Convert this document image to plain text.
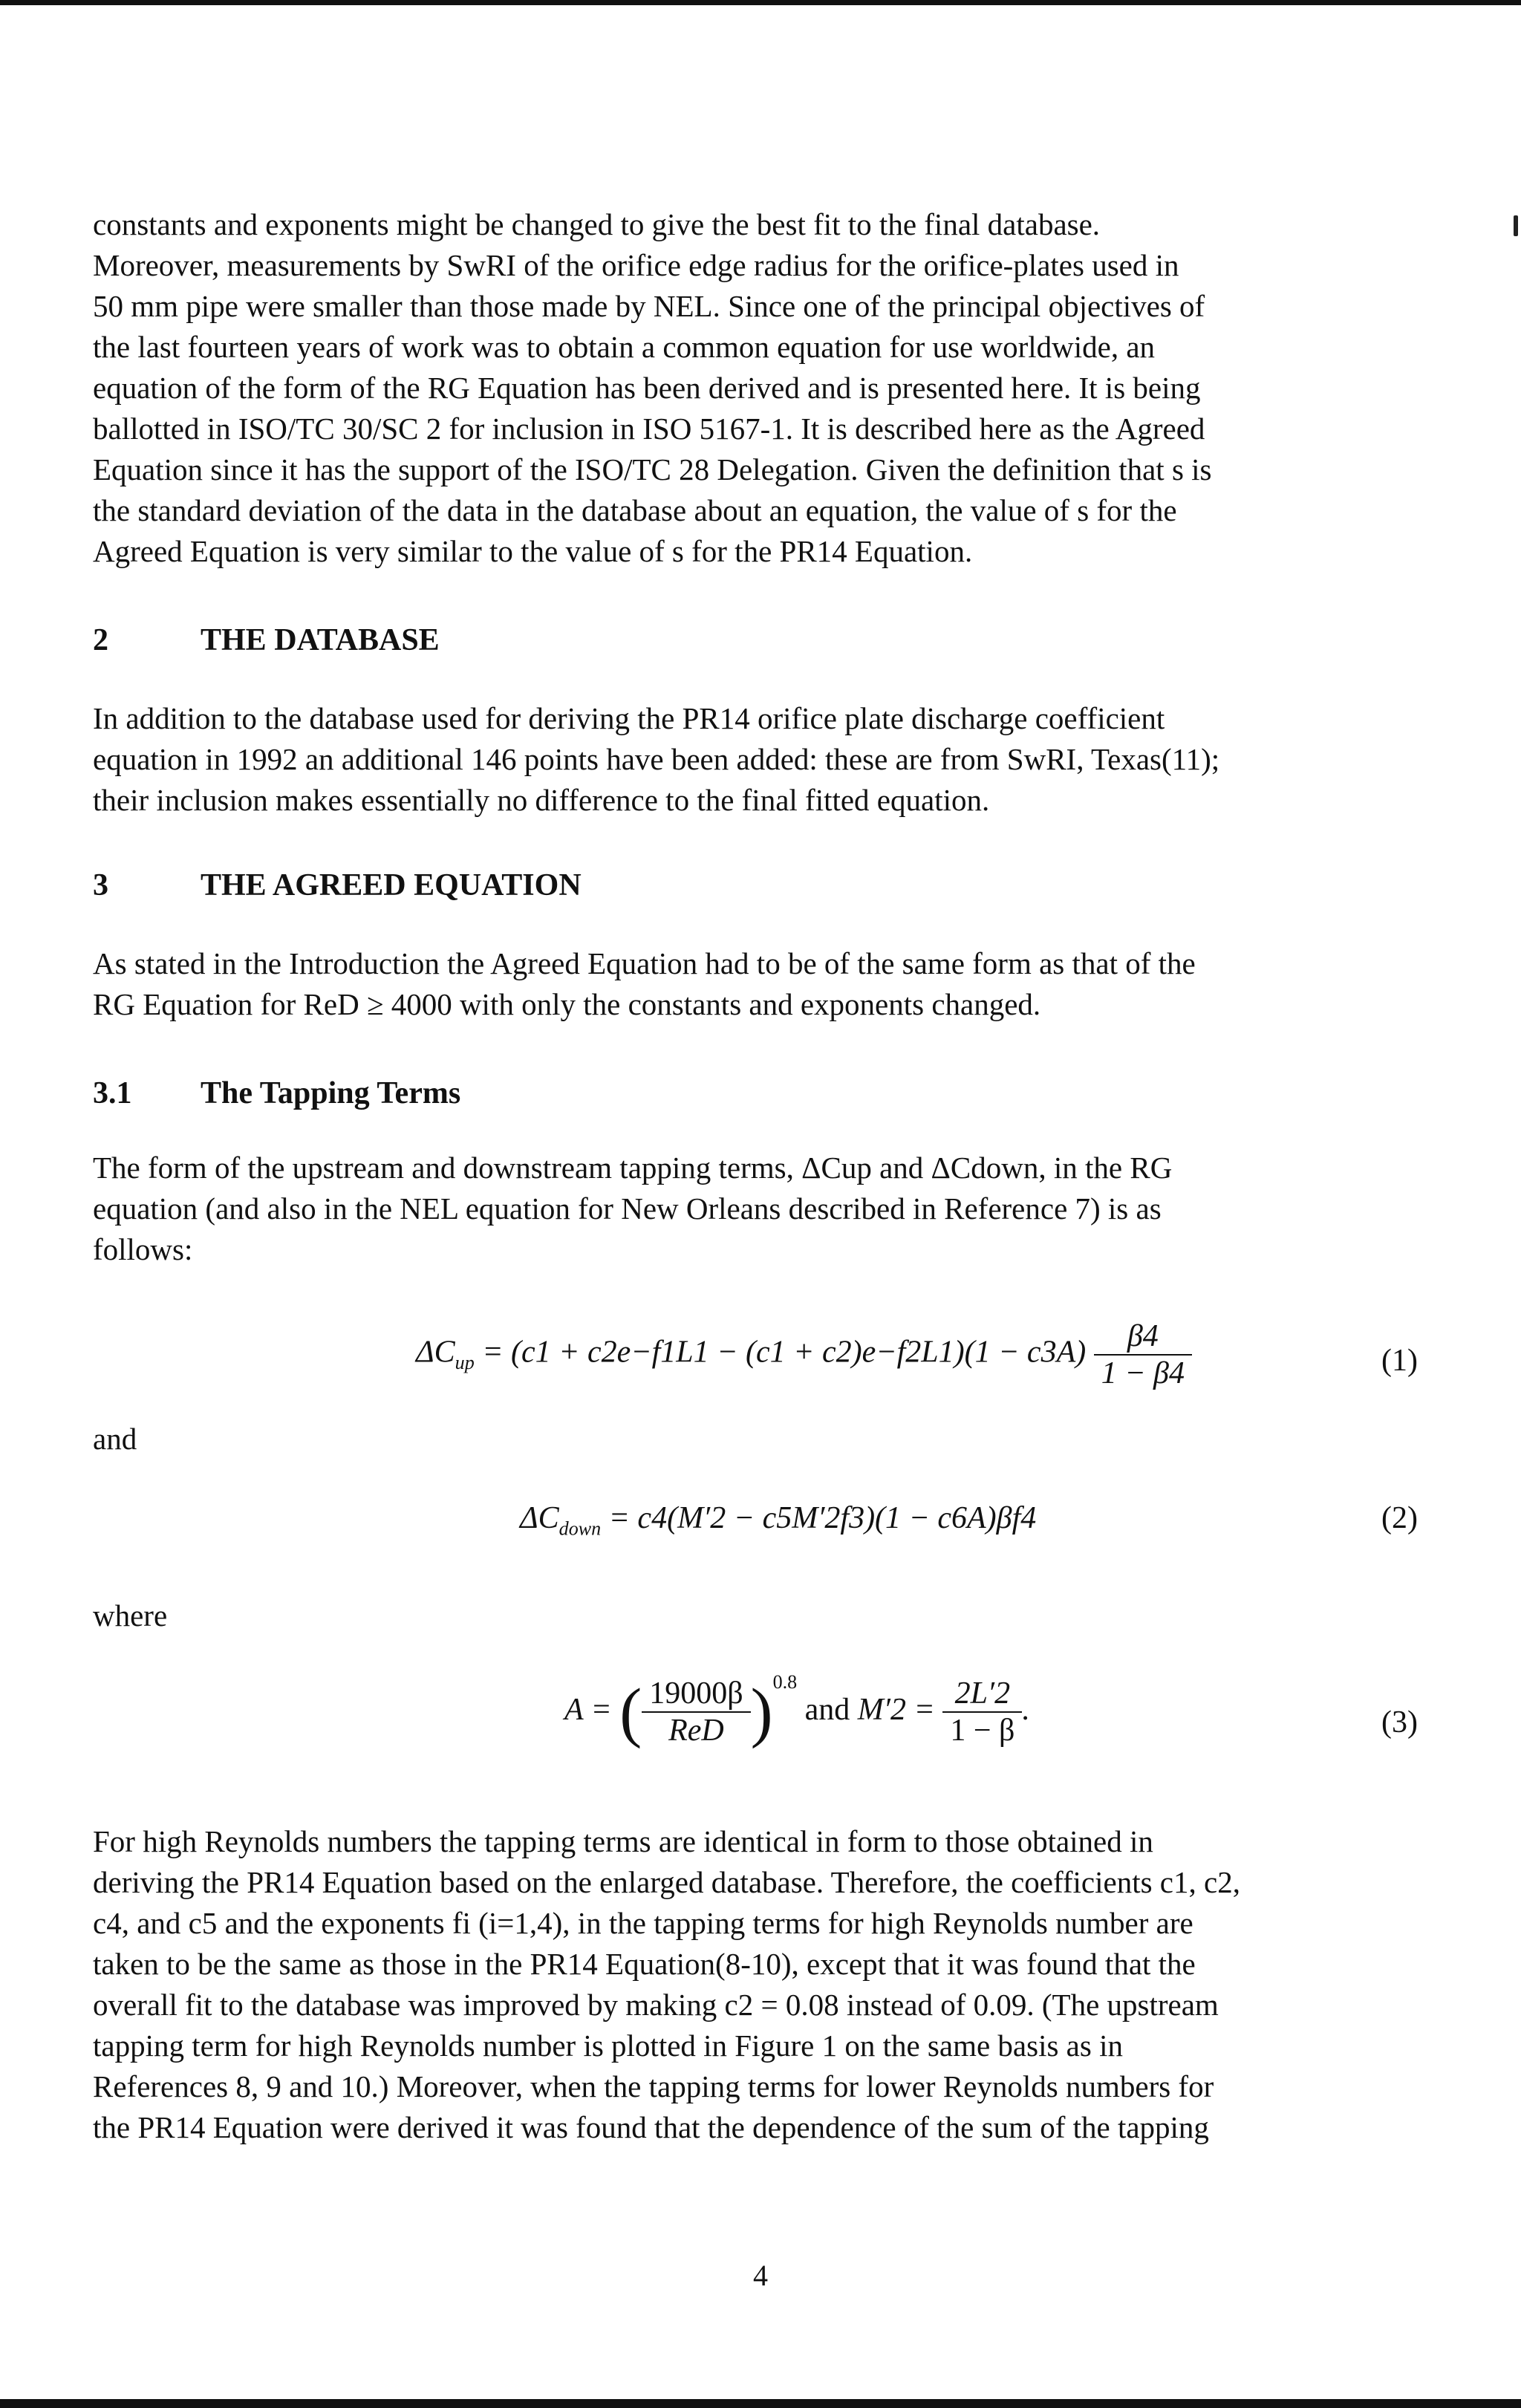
constants and exponents might be changed to give the best fit to the final database.

Moreover, measurements by SwRI of the orifice edge radius for the orifice-plates used in

50 mm pipe were smaller than those made by NEL. Since one of the principal objectives of

the last fourteen years of work was to obtain a common equation for use worldwide, an

equation of the form of the RG Equation has been derived and is presented here. It is being

ballotted in ISO/TC 30/SC 2 for inclusion in ISO 5167-1. It is described here as the Agreed

Equation since it has the support of the ISO/TC 28 Delegation. Given the definition that s is

the standard deviation of the data in the database about an equation, the value of s for the

Agreed Equation is very similar to the value of s for the PR14 Equation.

2	THE DATABASE

In addition to the database used for deriving the PR14 orifice plate discharge coefficient

equation in 1992 an additional 146 points have been added: these are from SwRI, Texas(11);

their inclusion makes essentially no difference to the final fitted equation.

3	THE AGREED EQUATION

As stated in the Introduction the Agreed Equation had to be of the same form as that of the

RG Equation for ReD ≥ 4000 with only the constants and exponents changed.

3.1 The Tapping Terms

The form of the upstream and downstream tapping terms, ΔCup and ΔCdown, in the RG

equation (and also in the NEL equation for New Orleans described in Reference 7) is as

follows:

$\Delta C_{up} = (c1 + c2e-f1L1 - (c1 + c2)e-f2L1)(1 - c3A) \frac{\beta 4}{1 - \beta 4}$	(1)
and
$\Delta C_{down} = c4(M'2 - c5M'2f3)(1 - c6A)\beta f4$	(2)
where
A = ( $\frac{19000\beta}{\text{ReD}} )^{0.8}$ and $M'2 = \frac{2L'2}{1 - \beta}$ .	(3)

For high Reynolds numbers the tapping terms are identical in form to those obtained in

deriving the PR14 Equation based on the enlarged database. Therefore, the coefficients c1, c2,

c4, and c5 and the exponents fi (i=1,4), in the tapping terms for high Reynolds number are

taken to be the same as those in the PR14 Equation(8-10), except that it was found that the

overall fit to the database was improved by making c2 = 0.08 instead of 0.09. (The upstream

tapping term for high Reynolds number is plotted in Figure 1 on the same basis as in

References 8, 9 and 10.) Moreover, when the tapping terms for lower Reynolds numbers for

the PR14 Equation were derived it was found that the dependence of the sum of the tapping

4
